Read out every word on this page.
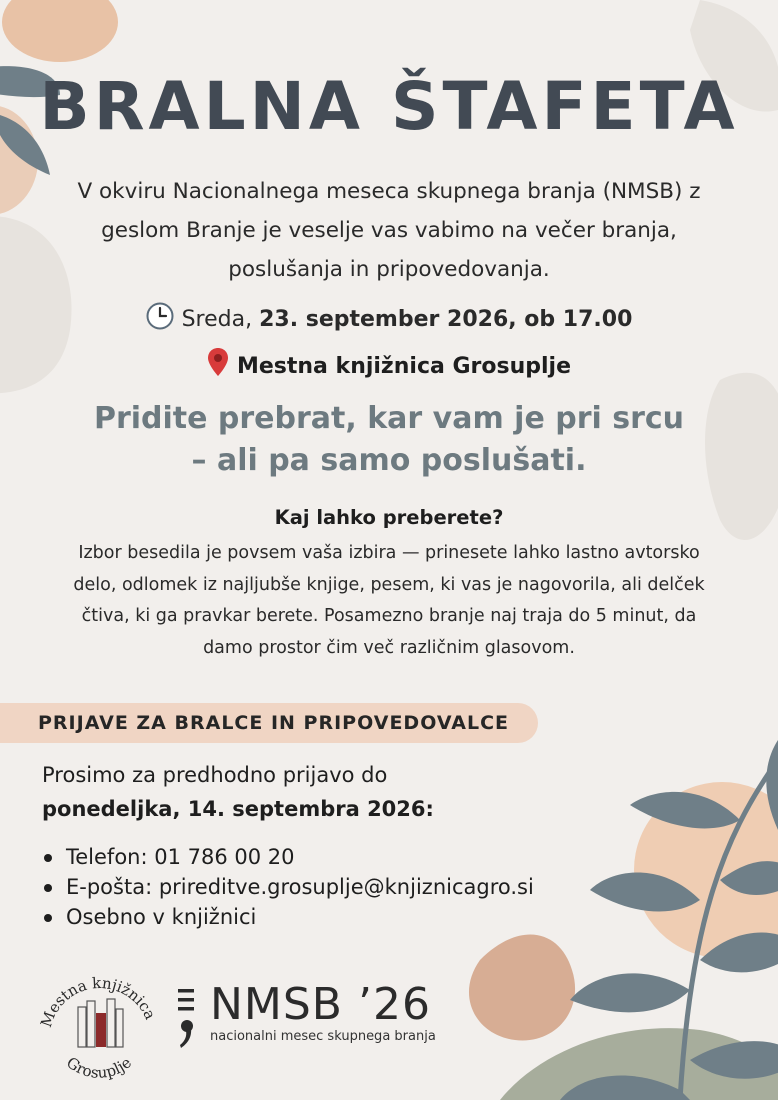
BRALNA ŠTAFETA

V okviru Nacionalnega meseca skupnega branja (NMSB) z geslom Branje je veselje vas vabimo na večer branja, poslušanja in pripovedovanja.

Sreda, 23. september 2026, ob 17.00
Mestna knjižnica Grosuplje

Pridite prebrat, kar vam je pri srcu
– ali pa samo poslušati.

Kaj lahko preberete?

Izbor besedila je povsem vaša izbira — prinesete lahko lastno avtorsko delo, odlomek iz najljubše knjige, pesem, ki vas je nagovorila, ali delček čtiva, ki ga pravkar berete. Posamezno branje naj traja do 5 minut, da damo prostor čim več različnim glasovom.

PRIJAVE ZA BRALCE IN PRIPOVEDOVALCE

Prosimo za predhodno prijavo do
ponedeljka, 14. septembra 2026:

Telefon: 01 786 00 20
E-pošta: prireditve.grosuplje@knjiznicagro.si
Osebno v knjižnici
Mestna knjižnica
Grosuplje
NMSB ’26
nacionalni mesec skupnega branja
